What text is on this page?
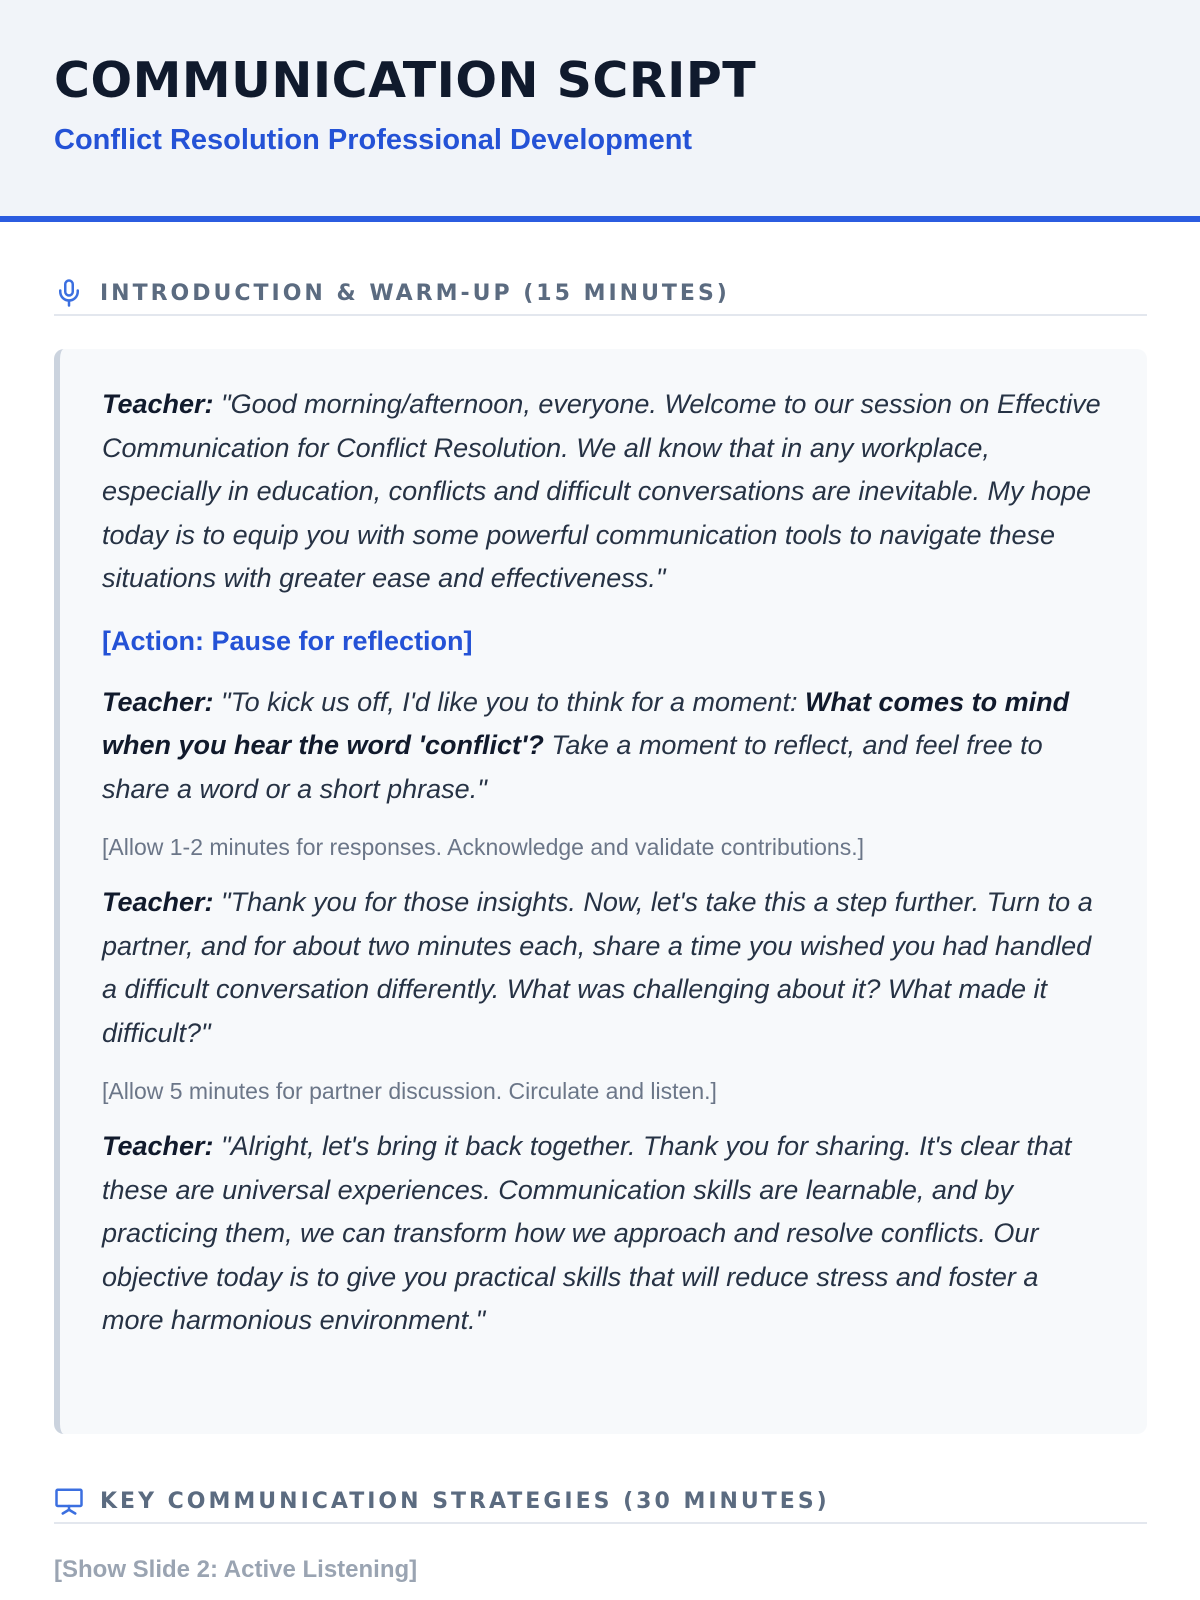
COMMUNICATION SCRIPT
Conflict Resolution Professional Development
INTRODUCTION & WARM-UP (15 MINUTES)

Teacher: "Good morning/afternoon, everyone. Welcome to our session on Effective Communication for Conflict Resolution. We all know that in any workplace, especially in education, conflicts and difficult conversations are inevitable. My hope today is to equip you with some powerful communication tools to navigate these situations with greater ease and effectiveness."

[Action: Pause for reflection]

Teacher: "To kick us off, I'd like you to think for a moment: What comes to mind when you hear the word 'conflict'? Take a moment to reflect, and feel free to share a word or a short phrase."

[Allow 1-2 minutes for responses. Acknowledge and validate contributions.]

Teacher: "Thank you for those insights. Now, let's take this a step further. Turn to a partner, and for about two minutes each, share a time you wished you had handled a difficult conversation differently. What was challenging about it? What made it difficult?"

[Allow 5 minutes for partner discussion. Circulate and listen.]

Teacher: "Alright, let's bring it back together. Thank you for sharing. It's clear that these are universal experiences. Communication skills are learnable, and by practicing them, we can transform how we approach and resolve conflicts. Our objective today is to give you practical skills that will reduce stress and foster a more harmonious environment."

KEY COMMUNICATION STRATEGIES (30 MINUTES)
[Show Slide 2: Active Listening]
